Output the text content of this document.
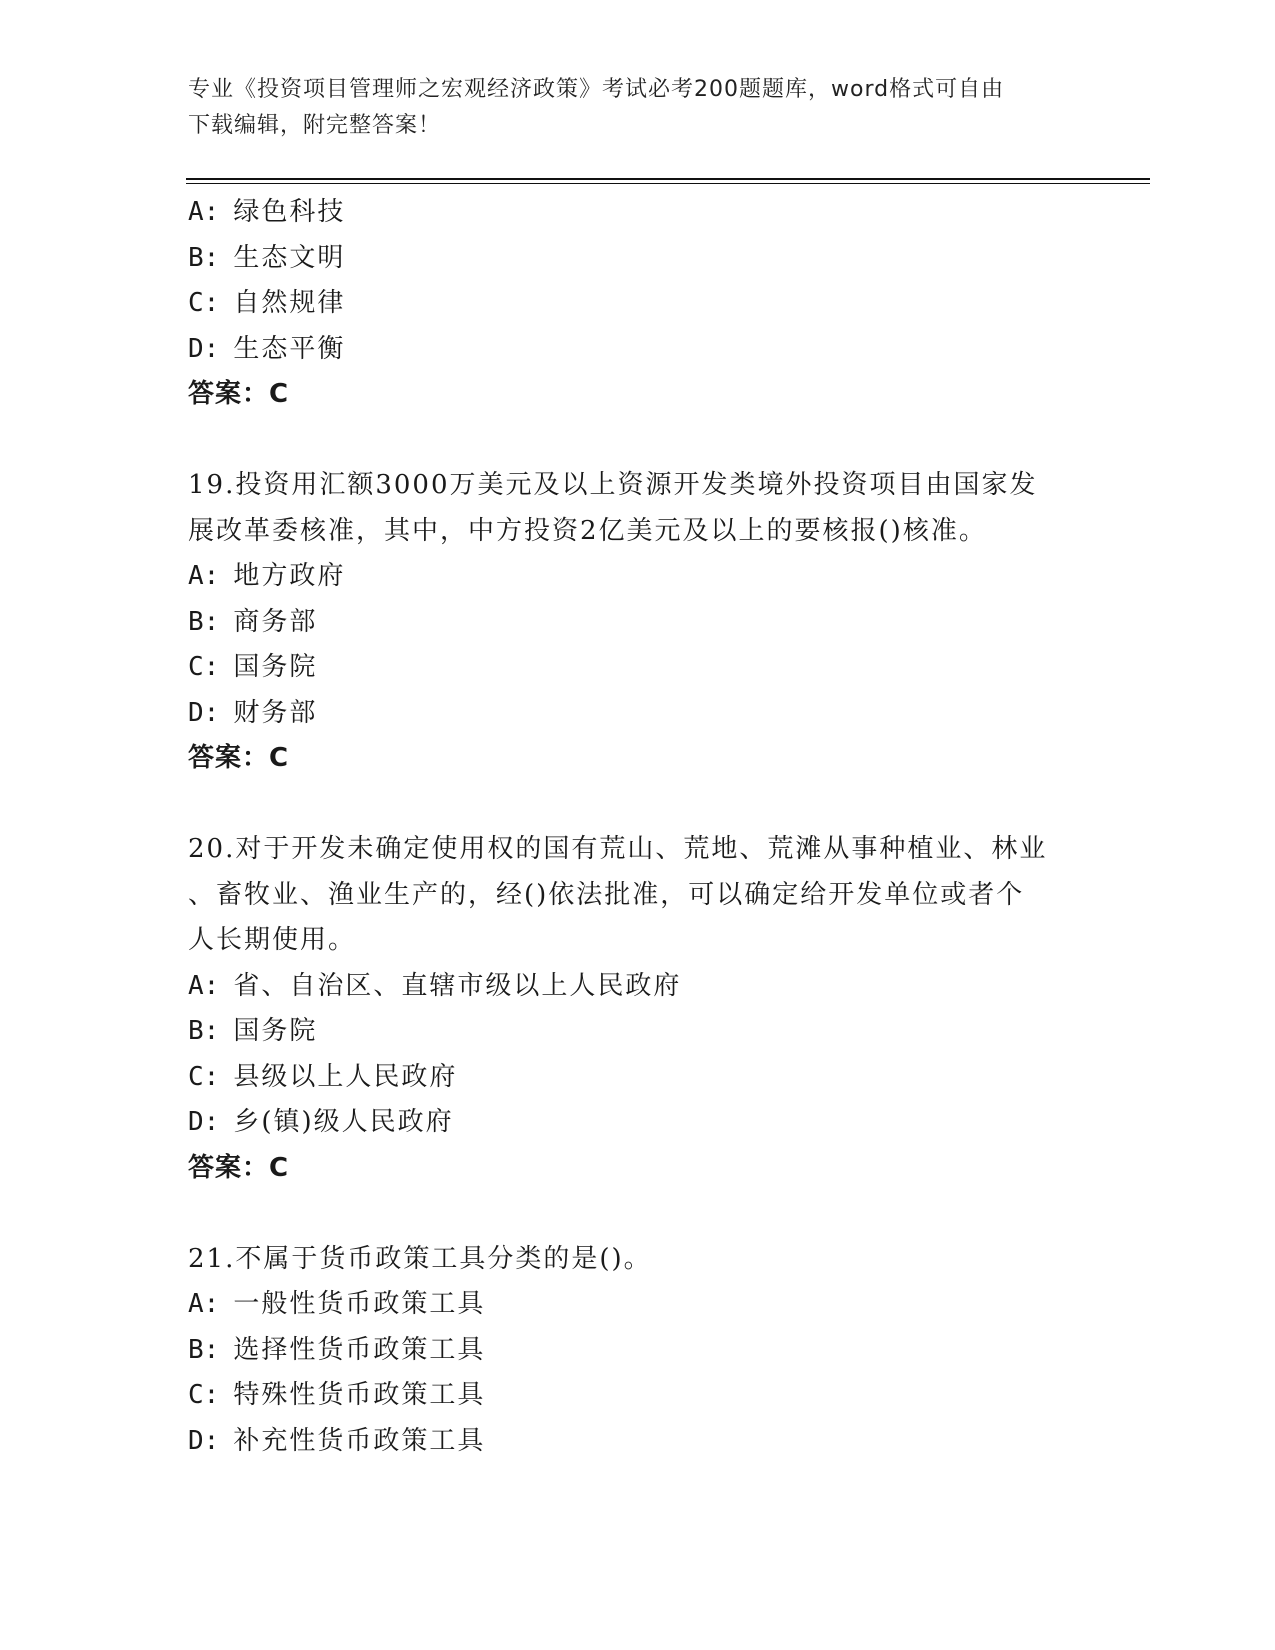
专业《投资项目管理师之宏观经济政策》考试必考200题题库，word格式可自由
下载编辑，附完整答案！
A: 绿色科技
B: 生态文明
C: 自然规律
D: 生态平衡
答案：C
19.投资用汇额3000万美元及以上资源开发类境外投资项目由国家发
展改革委核准，其中，中方投资2亿美元及以上的要核报()核准。
A: 地方政府
B: 商务部
C: 国务院
D: 财务部
答案：C
20.对于开发未确定使用权的国有荒山、荒地、荒滩从事种植业、林业
、畜牧业、渔业生产的，经()依法批准，可以确定给开发单位或者个
人长期使用。
A: 省、自治区、直辖市级以上人民政府
B: 国务院
C: 县级以上人民政府
D: 乡(镇)级人民政府
答案：C
21.不属于货币政策工具分类的是()。
A: 一般性货币政策工具
B: 选择性货币政策工具
C: 特殊性货币政策工具
D: 补充性货币政策工具
